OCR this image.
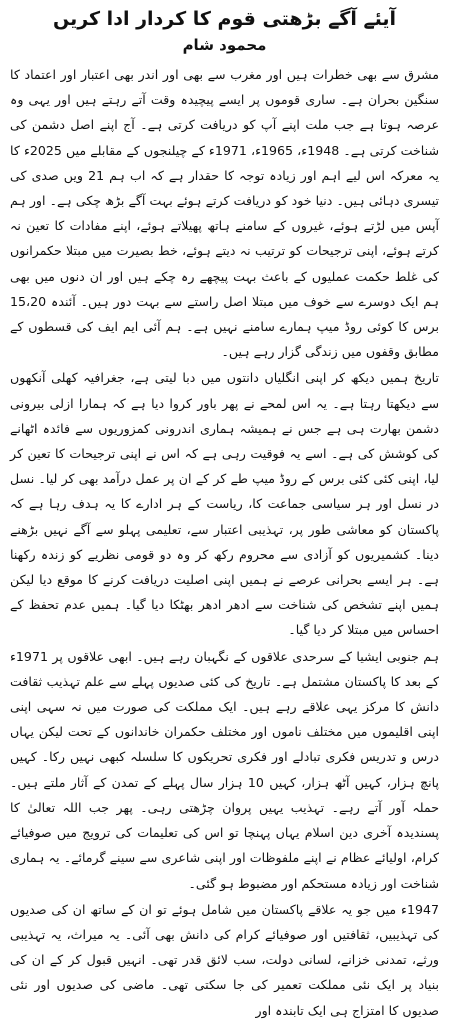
آیئے آگے بڑھتی قوم کا کردار ادا کریں
محمود شام

مشرق سے بھی خطرات ہیں اور مغرب سے بھی اور اندر بھی اعتبار اور اعتماد کا سنگین بحران ہے۔ ساری قوموں پر ایسے پیچیدہ وقت آتے رہتے ہیں اور یہی وہ عرصہ ہوتا ہے جب ملت اپنے آپ کو دریافت کرتی ہے۔ آج اپنے اصل دشمن کی شناخت کرتی ہے۔ 1948ء، 1965ء، 1971ء کے چیلنجوں کے مقابلے میں 2025ء کا یہ معرکہ اس لیے اہم اور زیادہ توجہ کا حقدار ہے کہ اب ہم 21 ویں صدی کی تیسری دہائی ہیں۔ دنیا خود کو دریافت کرتے ہوئے بہت آگے بڑھ چکی ہے۔ اور ہم آپس میں لڑتے ہوئے، غیروں کے سامنے ہاتھ پھیلاتے ہوئے، اپنے مفادات کا تعین نہ کرتے ہوئے، اپنی ترجیحات کو ترتیب نہ دیتے ہوئے، خط بصیرت میں مبتلا حکمرانوں کی غلط حکمت عملیوں کے باعث بہت پیچھے رہ چکے ہیں اور ان دنوں میں بھی ہم ایک دوسرے سے خوف میں مبتلا اصل راستے سے بہت دور ہیں۔ آئندہ 15،20 برس کا کوئی روڈ میپ ہمارے سامنے نہیں ہے۔ ہم آئی ایم ایف کی قسطوں کے مطابق وقفوں میں زندگی گزار رہے ہیں۔

تاریخ ہمیں دیکھ کر اپنی انگلیاں دانتوں میں دبا لیتی ہے، جغرافیہ کھلی آنکھوں سے دیکھتا رہتا ہے۔ یہ اس لمحے نے پھر باور کروا دیا ہے کہ ہمارا ازلی بیرونی دشمن بھارت ہی ہے جس نے ہمیشہ ہماری اندرونی کمزوریوں سے فائدہ اٹھانے کی کوشش کی ہے۔ اسے یہ فوقیت رہی ہے کہ اس نے اپنی ترجیحات کا تعین کر لیا، اپنی کئی کئی برس کے روڈ میپ طے کر کے ان پر عمل درآمد بھی کر لیا۔ نسل در نسل اور ہر سیاسی جماعت کا، ریاست کے ہر ادارے کا یہ ہدف رہا ہے کہ پاکستان کو معاشی طور پر، تہذیبی اعتبار سے، تعلیمی پہلو سے آگے نہیں بڑھنے دینا۔ کشمیریوں کو آزادی سے محروم رکھ کر وہ دو قومی نظریے کو زندہ رکھنا ہے۔ ہر ایسے بحرانی عرصے نے ہمیں اپنی اصلیت دریافت کرنے کا موقع دیا لیکن ہمیں اپنے تشخص کی شناخت سے ادھر ادھر بھٹکا دیا گیا۔ ہمیں عدم تحفظ کے احساس میں مبتلا کر دیا گیا۔

ہم جنوبی ایشیا کے سرحدی علاقوں کے نگہبان رہے ہیں۔ ابھی علاقوں پر 1971ء کے بعد کا پاکستان مشتمل ہے۔ تاریخ کی کئی صدیوں پہلے سے علم تہذیب ثقافت دانش کا مرکز یہی علاقے رہے ہیں۔ ایک مملکت کی صورت میں نہ سہی اپنی اپنی اقلیموں میں مختلف ناموں اور مختلف حکمران خاندانوں کے تحت لیکن یہاں درس و تدریس فکری تبادلے اور فکری تحریکوں کا سلسلہ کبھی نہیں رکا۔ کہیں پانچ ہزار، کہیں آٹھ ہزار، کہیں 10 ہزار سال پہلے کے تمدن کے آثار ملتے ہیں۔ حملہ آور آتے رہے۔ تہذیب یہیں پروان چڑھتی رہی۔ پھر جب اللہ تعالیٰ کا پسندیدہ آخری دین اسلام یہاں پہنچا تو اس کی تعلیمات کی ترویج میں صوفیائے کرام، اولیائے عظام نے اپنے ملفوظات اور اپنی شاعری سے سینے گرمائے۔ یہ ہماری شناخت اور زیادہ مستحکم اور مضبوط ہو گئی۔

1947ء میں جو یہ علاقے پاکستان میں شامل ہوئے تو ان کے ساتھ ان کی صدیوں کی تہذیبیں، ثقافتیں اور صوفیائے کرام کی دانش بھی آئی۔ یہ میراث، یہ تہذیبی ورثے، تمدنی خزانے، لسانی دولت، سب لائق قدر تھی۔ انہیں قبول کر کے ان کی بنیاد پر ایک نئی مملکت تعمیر کی جا سکتی تھی۔ ماضی کی صدیوں اور نئی صدیوں کا امتزاج ہی ایک تابندہ اور
